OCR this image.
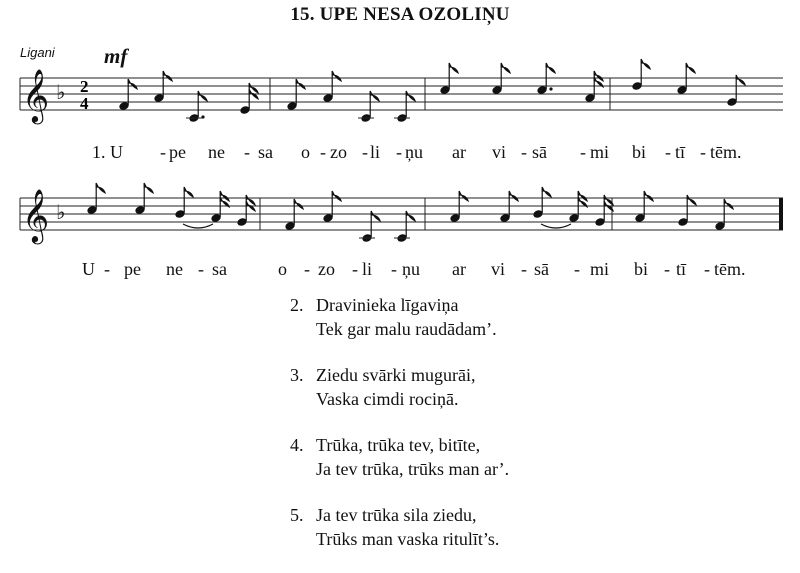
15. UPE NESA OZOLIŅU
Ligani mf
𝄞 ♭ 2
4
1. U - pe ne - sa o - zo - li - ņu ar vi - sā - mi bi - tī - tēm.
𝄞 ♭
U - pe ne - sa	o - zo - li - ņu ar vi - sā - mi bi - tī - tēm.
2. Dravinieka līgaviņa
Tek gar malu raudādam’.
3. Ziedu svārki mugurāi,
Vaska cimdi rociņā.
4. Trūka, trūka tev, bitīte,
Ja tev trūka, trūks man ar’.
5. Ja tev trūka sila ziedu,
Trūks man vaska ritulīt’s.
